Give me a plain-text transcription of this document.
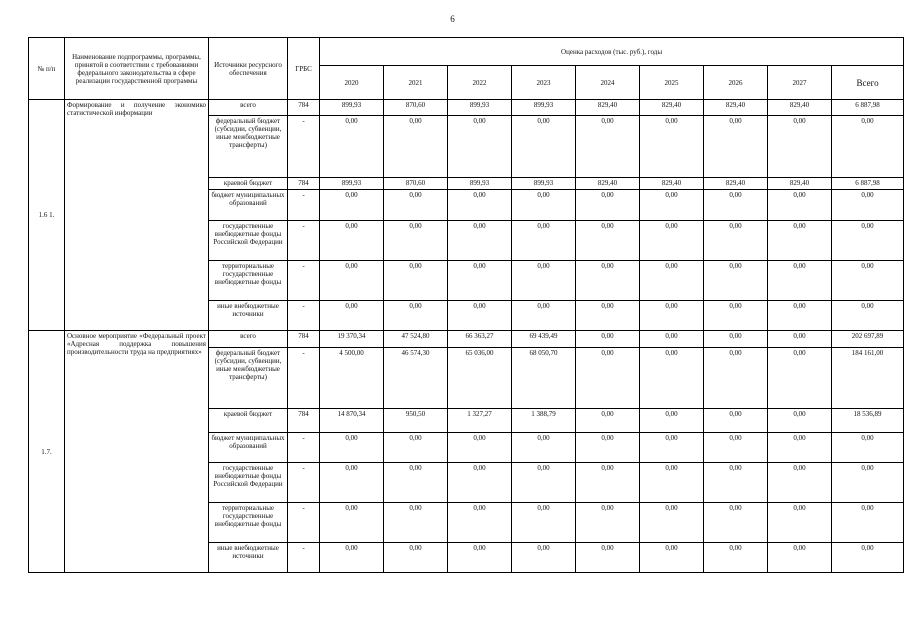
6
№ п/п	Наименование подпрограммы, программы, принятой в соответствии с требованиями федерального законодательства в сфере реализации государственной программы	Источники ресурсного обеспечения	ГРБС	Оценка расходов (тыс. руб.), годы								
				2020	2021	2022	2023	2024	2025	2026	2027	Всего
1.6 1.	Формирование и получение экономико статистической информации	всего	784	899,93	870,60	899,93	899,93	829,40	829,40	829,40	829,40	6 887,98
		федеральный бюджет (субсидии, субвенции, иные межбюджетные трансферты)	-	0,00	0,00	0,00	0,00	0,00	0,00	0,00	0,00	0,00
		краевой бюджет	784	899,93	870,60	899,93	899,93	829,40	829,40	829,40	829,40	6 887,98
		бюджет муниципальных образований	-	0,00	0,00	0,00	0,00	0,00	0,00	0,00	0,00	0,00
		государственные внебюджетные фонды Российской Федерации	-	0,00	0,00	0,00	0,00	0,00	0,00	0,00	0,00	0,00
		территориальные государственные внебюджетные фонды	-	0,00	0,00	0,00	0,00	0,00	0,00	0,00	0,00	0,00
		иные внебюджетные источники	-	0,00	0,00	0,00	0,00	0,00	0,00	0,00	0,00	0,00
1.7.	Основное мероприятие «Федеральный проект «Адресная поддержка повышения производительности труда на предприятиях»	всего	784	19 370,34	47 524,80	66 363,27	69 439,49	0,00	0,00	0,00	0,00	202 697,89
		федеральный бюджет (субсидии, субвенции, иные межбюджетные трансферты)	-	4 500,00	46 574,30	65 036,00	68 050,70	0,00	0,00	0,00	0,00	184 161,00
		краевой бюджет	784	14 870,34	950,50	1 327,27	1 388,79	0,00	0,00	0,00	0,00	18 536,89
		бюджет муниципальных образований	-	0,00	0,00	0,00	0,00	0,00	0,00	0,00	0,00	0,00
		государственные внебюджетные фонды Российской Федерации	-	0,00	0,00	0,00	0,00	0,00	0,00	0,00	0,00	0,00
		территориальные государственные внебюджетные фонды	-	0,00	0,00	0,00	0,00	0,00	0,00	0,00	0,00	0,00
		иные внебюджетные источники	-	0,00	0,00	0,00	0,00	0,00	0,00	0,00	0,00	0,00
